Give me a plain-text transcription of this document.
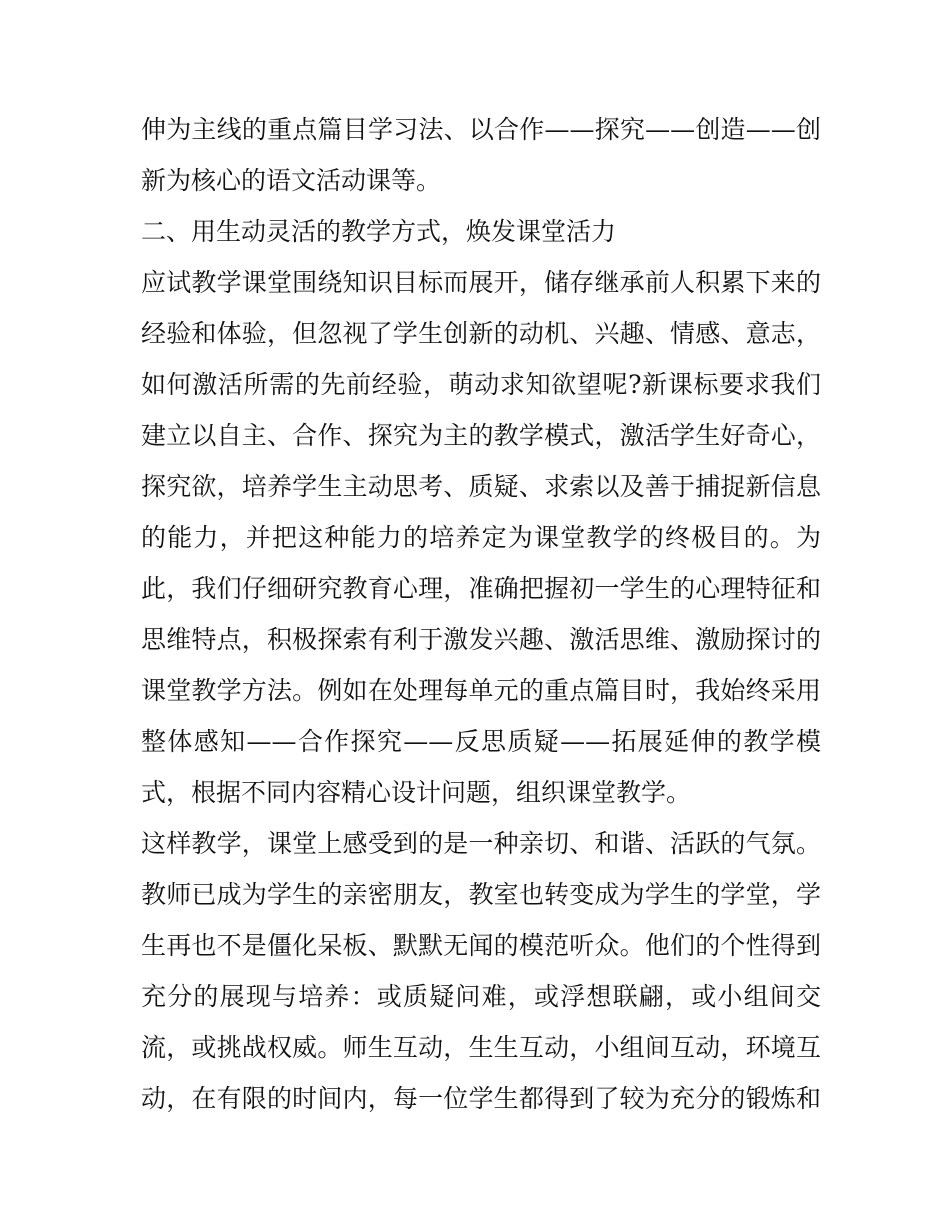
伸为主线的重点篇目学习法、以合作——探究——创造——创
新为核心的语文活动课等。
二、用生动灵活的教学方式，焕发课堂活力
应试教学课堂围绕知识目标而展开，储存继承前人积累下来的
经验和体验，但忽视了学生创新的动机、兴趣、情感、意志，
如何激活所需的先前经验，萌动求知欲望呢?新课标要求我们
建立以自主、合作、探究为主的教学模式，激活学生好奇心，
探究欲，培养学生主动思考、质疑、求索以及善于捕捉新信息
的能力，并把这种能力的培养定为课堂教学的终极目的。为
此，我们仔细研究教育心理，准确把握初一学生的心理特征和
思维特点，积极探索有利于激发兴趣、激活思维、激励探讨的
课堂教学方法。例如在处理每单元的重点篇目时，我始终采用
整体感知——合作探究——反思质疑——拓展延伸的教学模
式，根据不同内容精心设计问题，组织课堂教学。
这样教学，课堂上感受到的是一种亲切、和谐、活跃的气氛。
教师已成为学生的亲密朋友，教室也转变成为学生的学堂，学
生再也不是僵化呆板、默默无闻的模范听众。他们的个性得到
充分的展现与培养：或质疑问难，或浮想联翩，或小组间交
流，或挑战权威。师生互动，生生互动，小组间互动，环境互
动，在有限的时间内，每一位学生都得到了较为充分的锻炼和
